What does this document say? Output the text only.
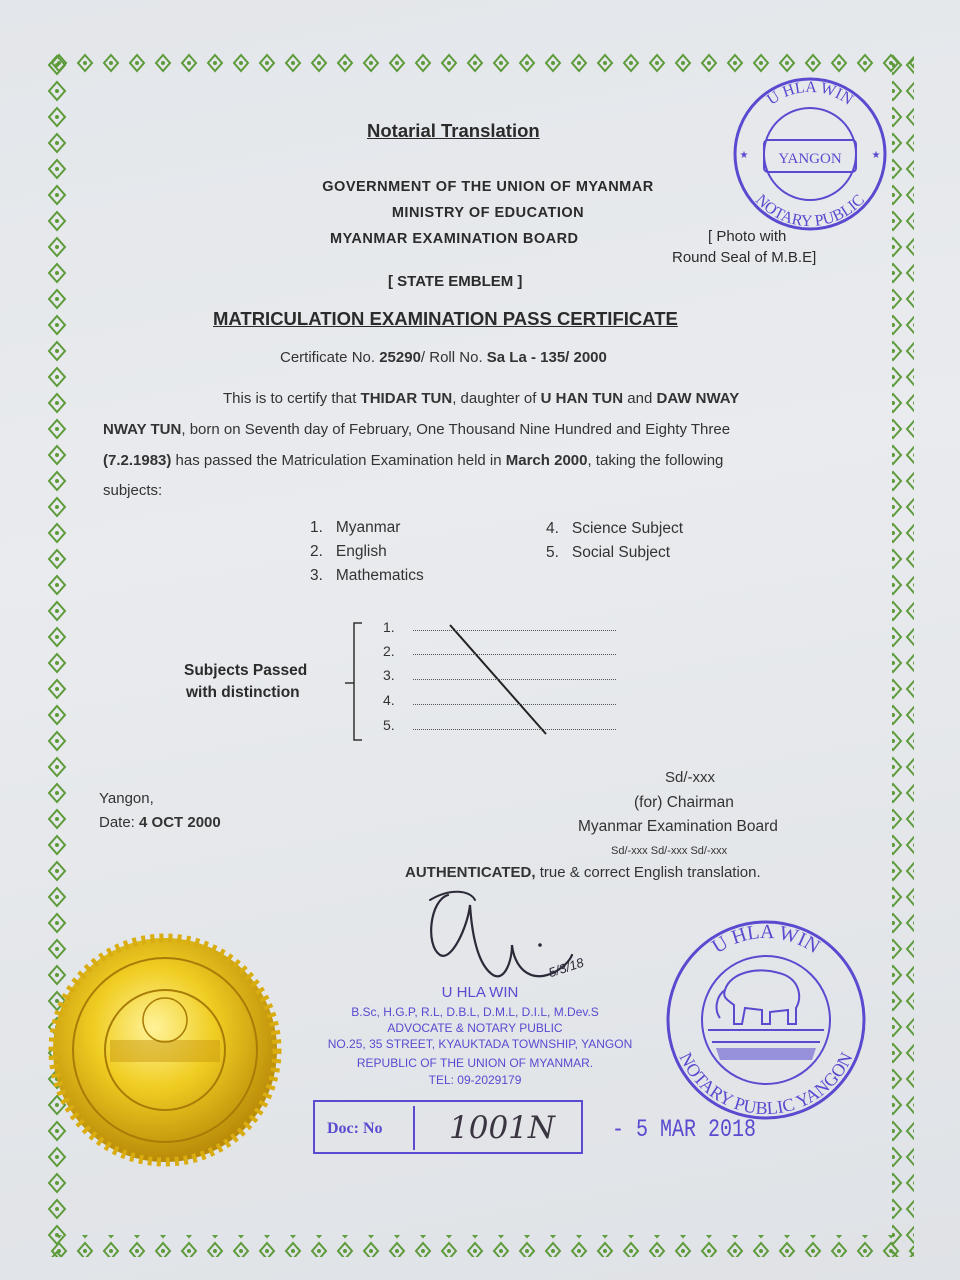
Notarial Translation
GOVERNMENT OF THE UNION OF MYANMAR
MINISTRY OF EDUCATION
MYANMAR EXAMINATION BOARD	[ Photo with
Round Seal of M.B.E]
[ STATE EMBLEM ]
MATRICULATION EXAMINATION PASS CERTIFICATE
Certificate No. 25290/ Roll No. Sa La - 135/ 2000
This is to certify that THIDAR TUN, daughter of U HAN TUN and DAW NWAY
NWAY TUN, born on Seventh day of February, One Thousand Nine Hundred and Eighty Three
(7.2.1983) has passed the Matriculation Examination held in March 2000, taking the following
subjects:
1. Myanmar
2. English
3. Mathematics
4. Science Subject
5. Social Subject
Subjects Passed
with distinction
1.
2.
3.
4.
5.
Yangon,
Date: 4 OCT 2000
Sd/-xxx
(for) Chairman
Myanmar Examination Board
Sd/-xxx Sd/-xxx Sd/-xxx
AUTHENTICATED, true & correct English translation.
5/3/18
U HLA WIN
B.Sc, H.G.P, R.L, D.B.L, D.M.L, D.I.L, M.Dev.S
ADVOCATE & NOTARY PUBLIC
NO.25, 35 STREET, KYAUKTADA TOWNSHIP, YANGON
REPUBLIC OF THE UNION OF MYANMAR.
TEL: 09-2029179
Doc: No 1001N - 5 MAR 2018
U HLA WIN
NOTARY PUBLIC
YANGON
★	★
U HLA WIN
NOTARY PUBLIC YANGON
